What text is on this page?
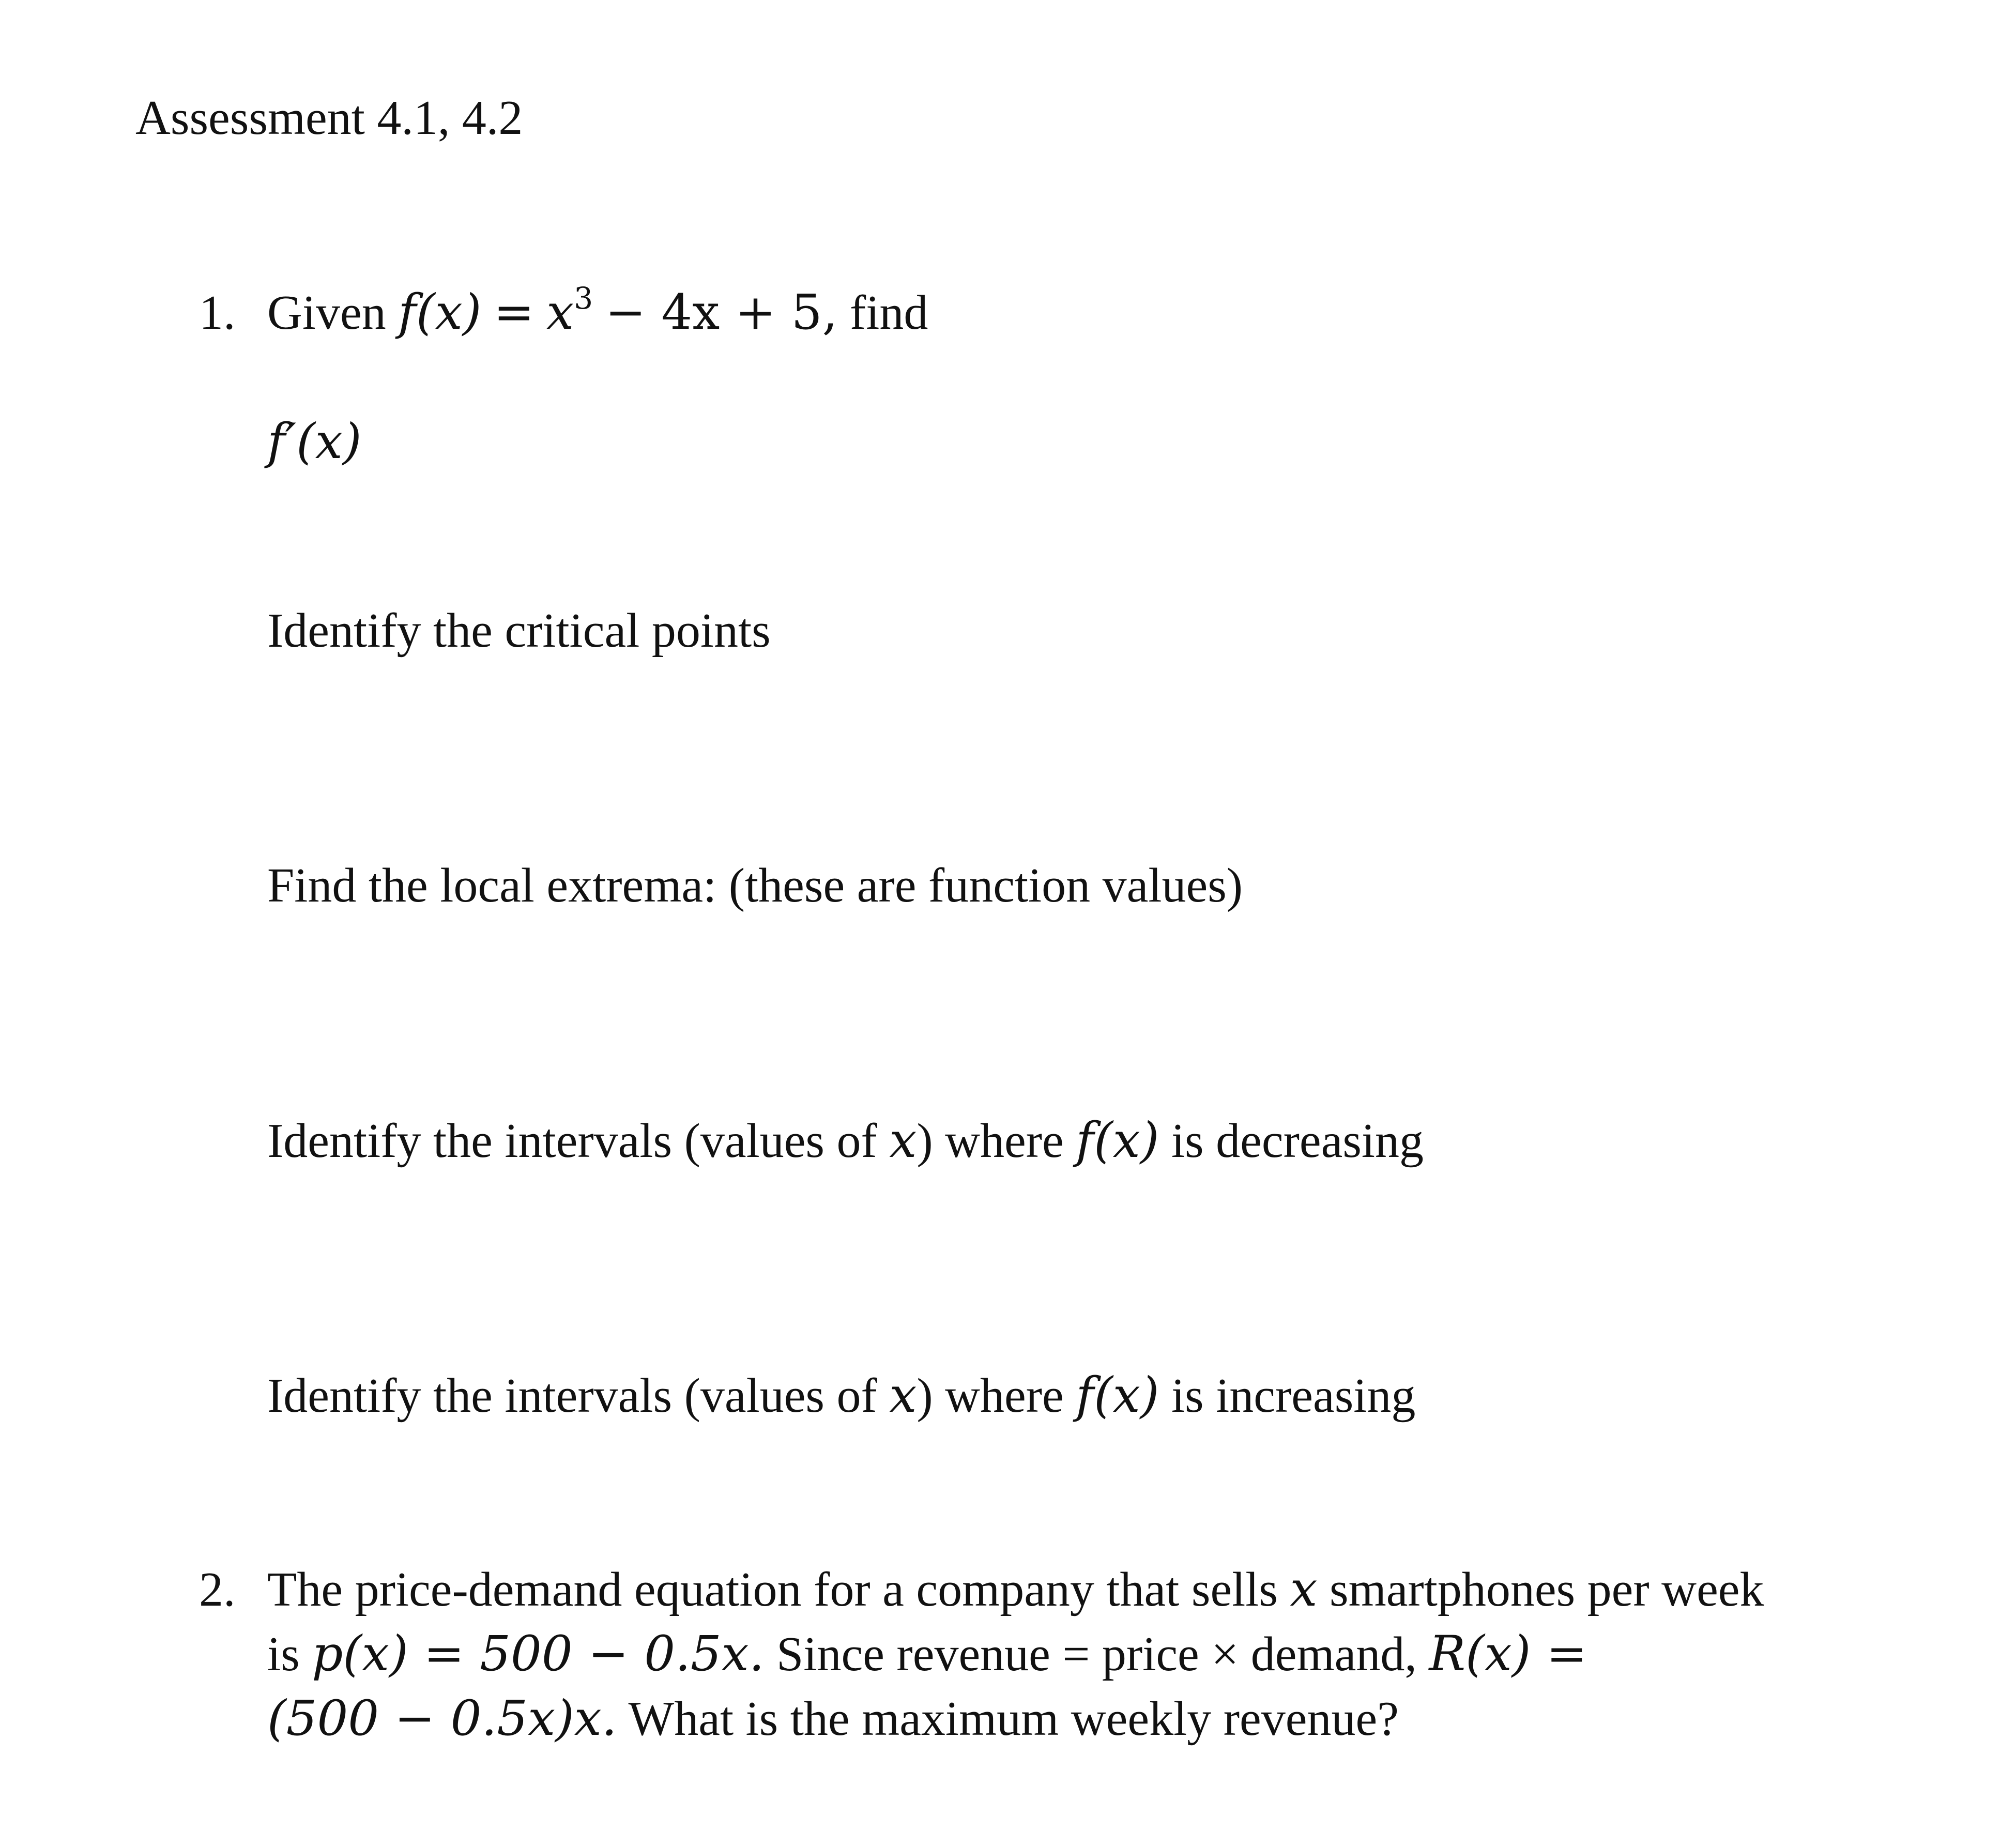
Assessment 4.1, 4.2
1. Given $f(x) = x^3 - 4x + 5$, find
f′(x)
Identify the critical points
Find the local extrema: (these are function values)
Identify the intervals (values of x) where f(x) is decreasing
Identify the intervals (values of x) where f(x) is increasing
2. The price-demand equation for a company that sells x smartphones per week
is p(x) = 500 − 0.5x. Since revenue = price × demand, R(x) =
(500 − 0.5x)x. What is the maximum weekly revenue?
